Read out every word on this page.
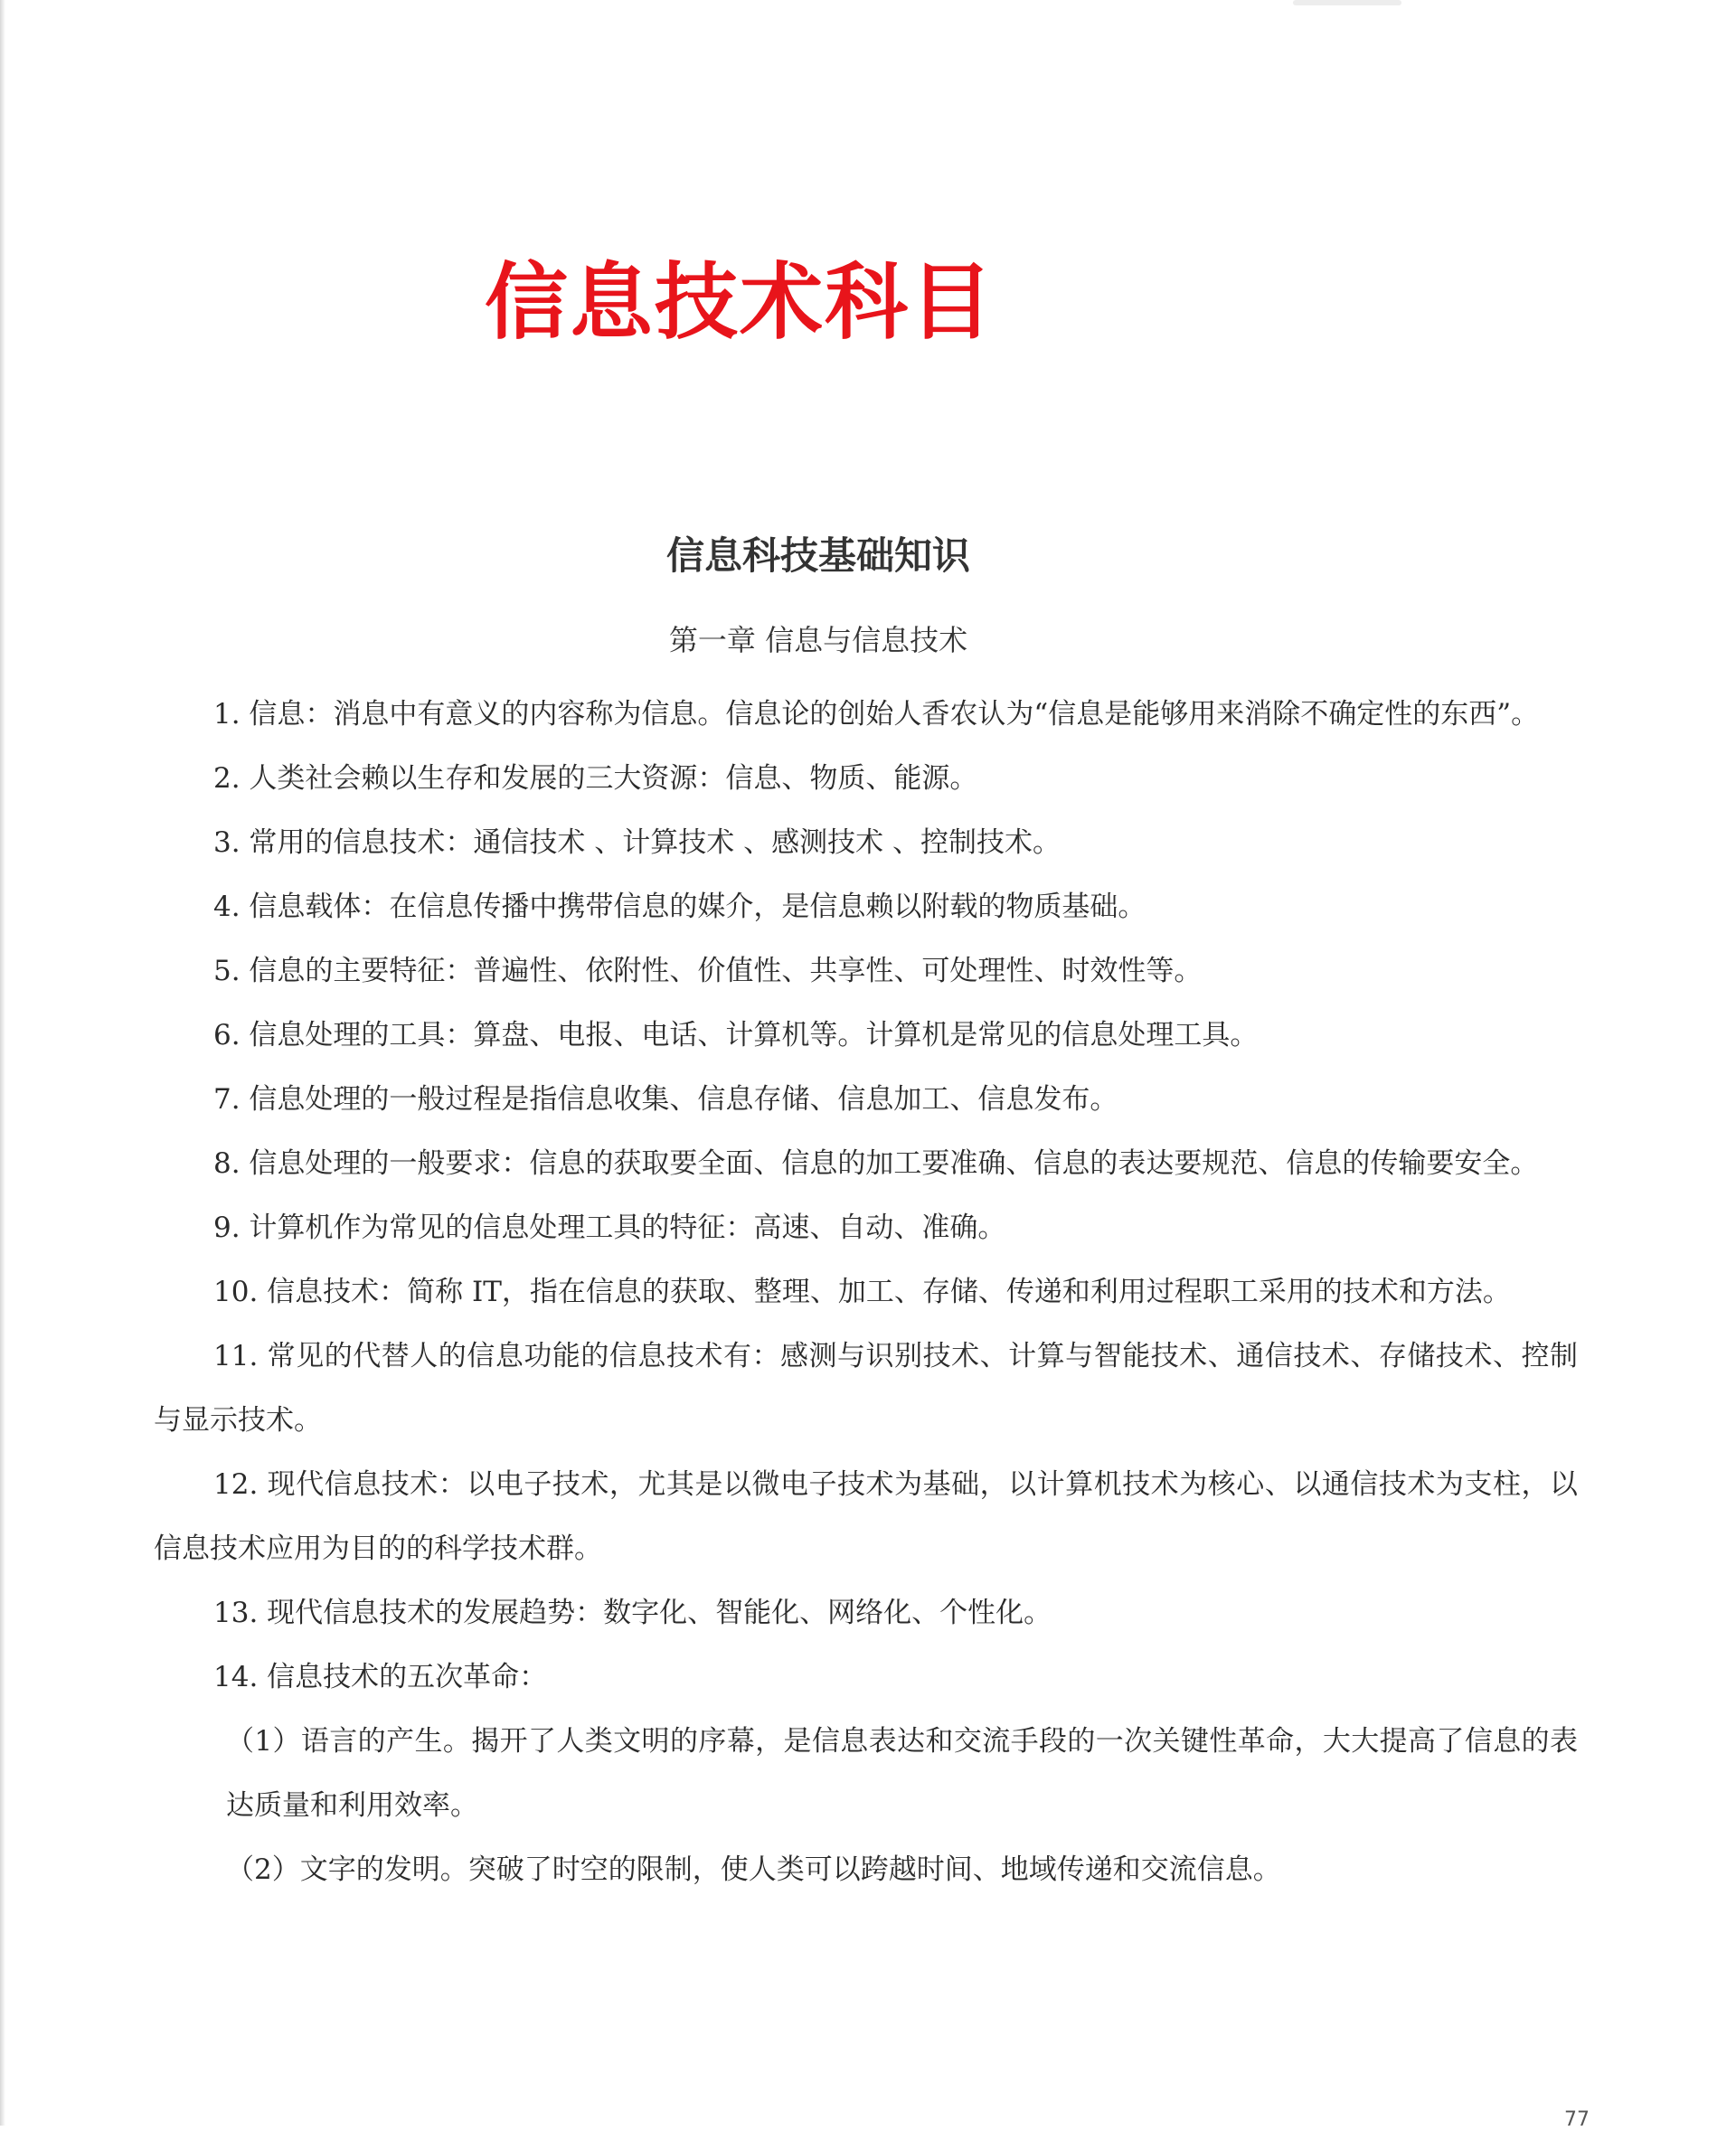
信息技术科目
信息科技基础知识
第一章 信息与信息技术

1. 信息：消息中有意义的内容称为信息。信息论的创始人香农认为“信息是能够用来消除不确定性的东西”。

2. 人类社会赖以生存和发展的三大资源：信息、物质、能源。

3. 常用的信息技术：通信技术 、计算技术 、感测技术 、控制技术。

4. 信息载体：在信息传播中携带信息的媒介，是信息赖以附载的物质基础。

5. 信息的主要特征：普遍性、依附性、价值性、共享性、可处理性、时效性等。

6. 信息处理的工具：算盘、电报、电话、计算机等。计算机是常见的信息处理工具。

7. 信息处理的一般过程是指信息收集、信息存储、信息加工、信息发布。

8. 信息处理的一般要求：信息的获取要全面、信息的加工要准确、信息的表达要规范、信息的传输要安全。

9. 计算机作为常见的信息处理工具的特征：高速、自动、准确。

10. 信息技术：简称 IT，指在信息的获取、整理、加工、存储、传递和利用过程职工采用的技术和方法。

11. 常见的代替人的信息功能的信息技术有：感测与识别技术、计算与智能技术、通信技术、存储技术、控制与显示技术。

12. 现代信息技术：以电子技术，尤其是以微电子技术为基础，以计算机技术为核心、以通信技术为支柱，以信息技术应用为目的的科学技术群。

13. 现代信息技术的发展趋势：数字化、智能化、网络化、个性化。

14. 信息技术的五次革命：

（1）语言的产生。揭开了人类文明的序幕，是信息表达和交流手段的一次关键性革命，大大提高了信息的表达质量和利用效率。

（2）文字的发明。突破了时空的限制，使人类可以跨越时间、地域传递和交流信息。

77
